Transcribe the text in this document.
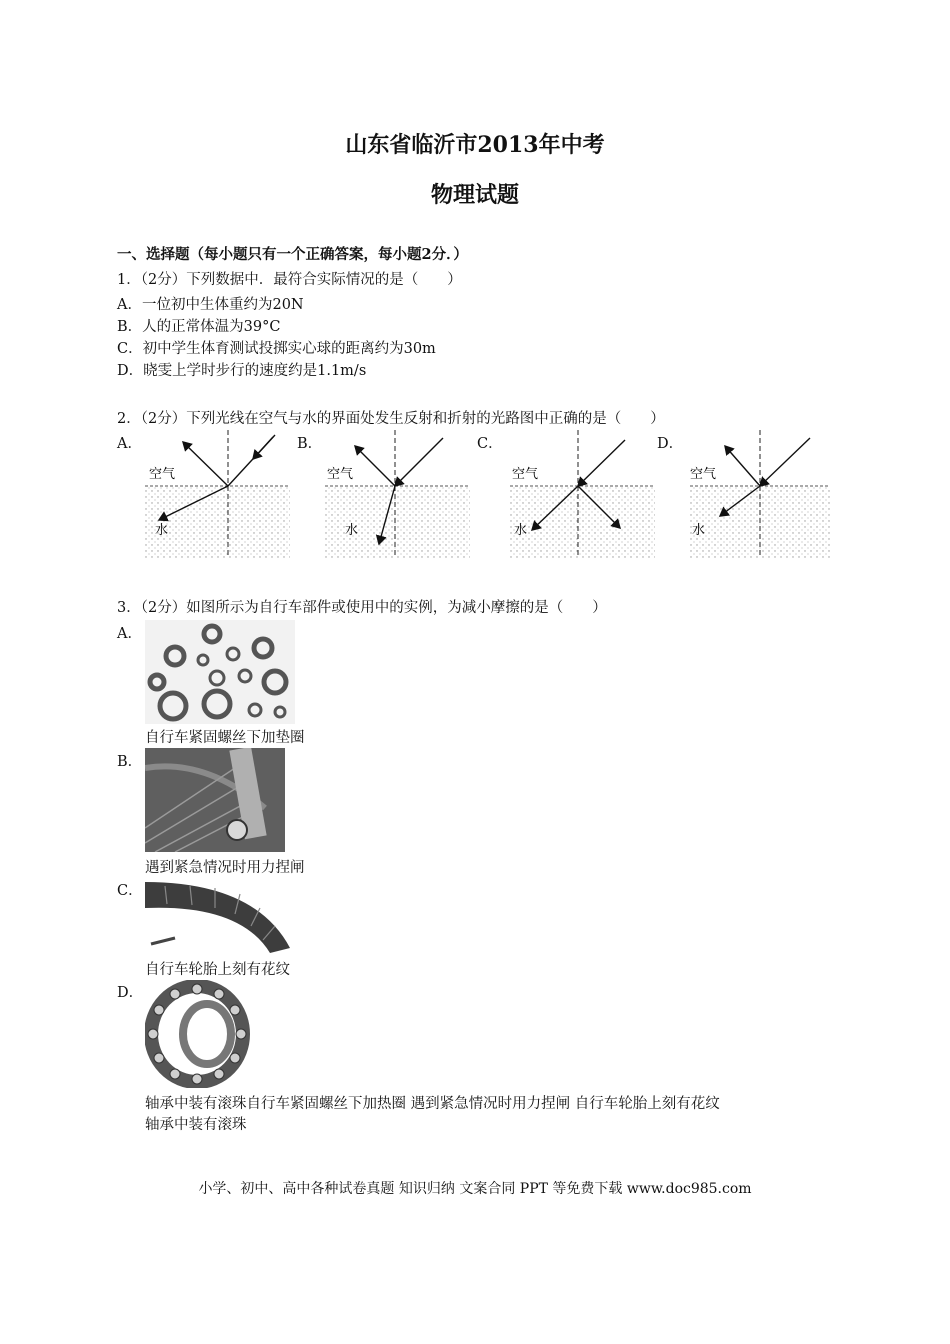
山东省临沂市2013年中考
物理试题
一、选择题（每小题只有一个正确答案，每小题2分．）
1．（2分）下列数据中．最符合实际情况的是（　　）
A．一位初中生体重约为20N
B．人的正常体温为39°C
C．初中学生体育测试投掷实心球的距离约为30m
D．晓雯上学时步行的速度约是1.1m/s
2．（2分）下列光线在空气与水的界面处发生反射和折射的光路图中正确的是（　　）
A．	B．	C．	D．
空气
水
空气
水
空气
水
空气
水
3．（2分）如图所示为自行车部件或使用中的实例，为减小摩擦的是（　　）
A．
自行车紧固螺丝下加垫圈
B．
遇到紧急情况时用力捏闸
C．
自行车轮胎上刻有花纹
D．
轴承中装有滚珠自行车紧固螺丝下加热圈 遇到紧急情况时用力捏闸 自行车轮胎上刻有花纹
轴承中装有滚珠
小学、初中、高中各种试卷真题 知识归纳 文案合同 PPT 等免费下载 www.doc985.com
